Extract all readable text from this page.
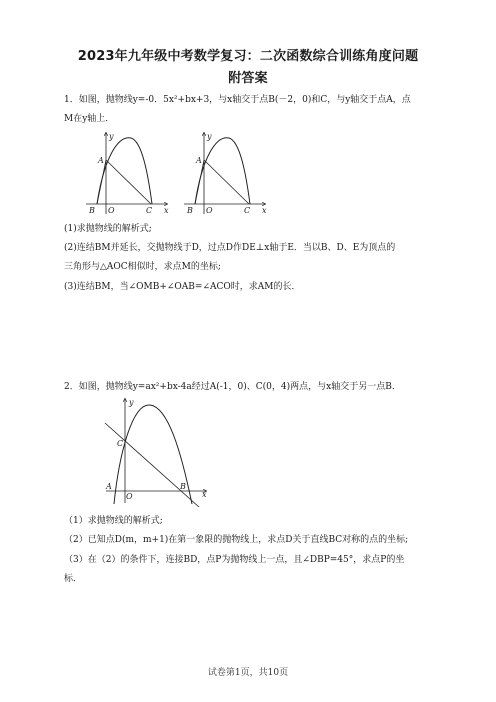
2023年九年级中考数学复习：二次函数综合训练角度问题
附答案
1．如图，抛物线y=-0．5x²+bx+3，与x轴交于点B(－2，0)和C，与y轴交于点A，点
M在y轴上．
y
x
A
B O	C
y
x
A
B O	C
(1)求抛物线的解析式;
(2)连结BM并延长，交抛物线于D，过点D作DE⊥x轴于E．当以B、D、E为顶点的
三角形与△AOC相似时，求点M的坐标;
(3)连结BM，当∠OMB+∠OAB=∠ACO时，求AM的长．
2．如图，抛物线y=ax²+bx-4a经过A(-1，0)、C(0，4)两点，与x轴交于另一点B．
y
x
C
A
O
B
（1）求抛物线的解析式;
（2）已知点D(m，m+1)在第一象限的抛物线上，求点D关于直线BC对称的点的坐标;
（3）在（2）的条件下，连接BD，点P为抛物线上一点，且∠DBP=45°，求点P的坐
标．
试卷第1页，共10页
